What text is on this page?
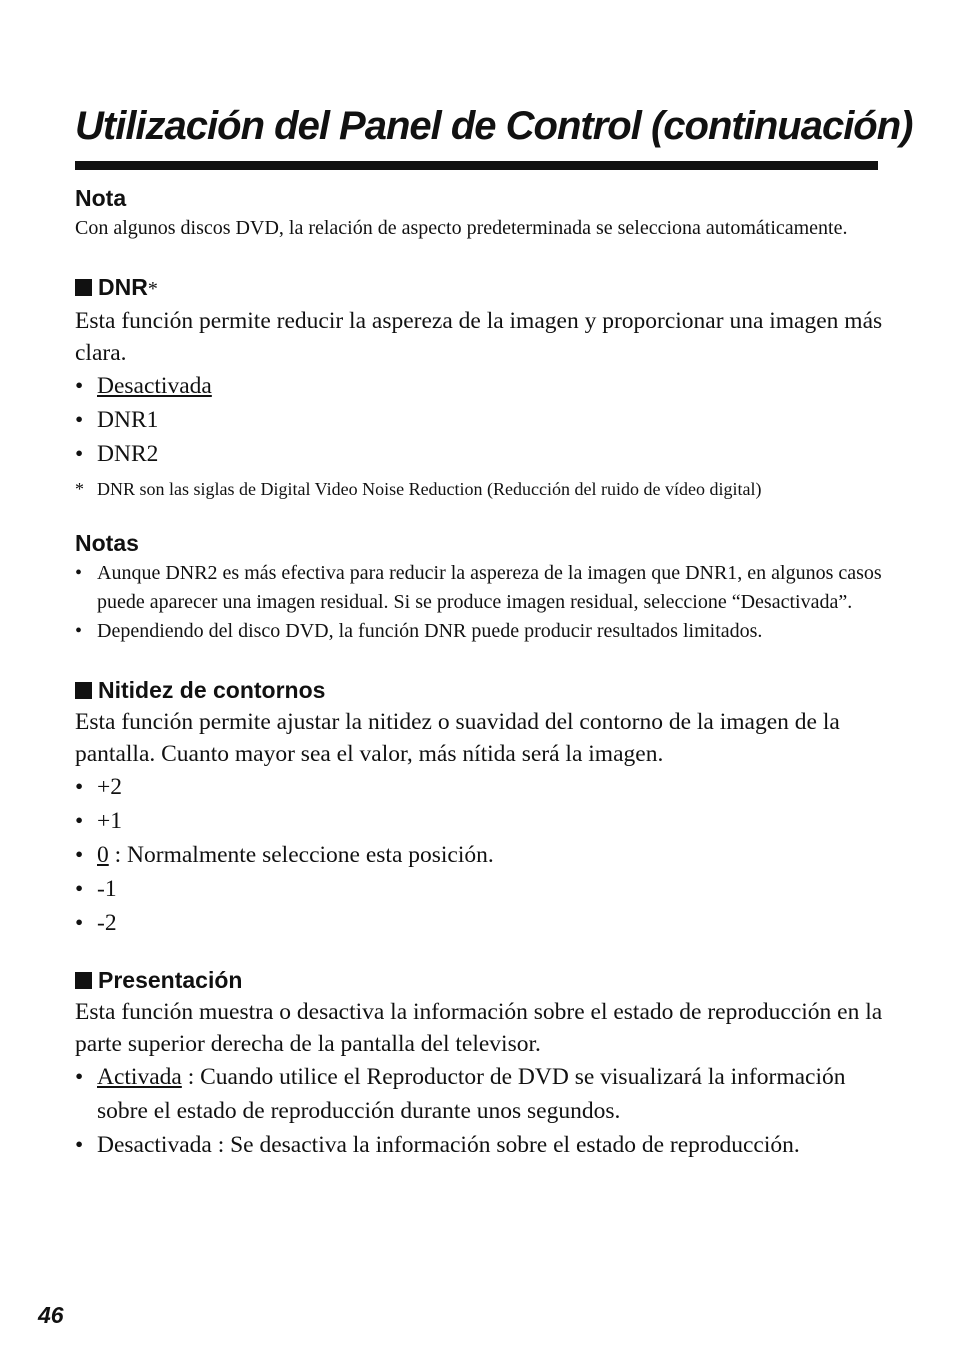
Utilización del Panel de Control (continuación)
Nota

Con algunos discos DVD, la relación de aspecto predeterminada se selecciona automáticamente.

DNR*

Esta función permite reducir la aspereza de la imagen y proporcionar una imagen más clara.

• Desactivada
• DNR1
• DNR2

* DNR son las siglas de Digital Video Noise Reduction (Reducción del ruido de vídeo digital)

Notas
• Aunque DNR2 es más efectiva para reducir la aspereza de la imagen que DNR1, en algunos casos puede aparecer una imagen residual. Si se produce imagen residual, seleccione “Desactivada”.
• Dependiendo del disco DVD, la función DNR puede producir resultados limitados.
Nitidez de contornos

Esta función permite ajustar la nitidez o suavidad del contorno de la imagen de la pantalla. Cuanto mayor sea el valor, más nítida será la imagen.

• +2
• +1
• 0 : Normalmente seleccione esta posición.
• -1
• -2
Presentación

Esta función muestra o desactiva la información sobre el estado de reproducción en la parte superior derecha de la pantalla del televisor.

• Activada : Cuando utilice el Reproductor de DVD se visualizará la información sobre el estado de reproducción durante unos segundos.
• Desactivada : Se desactiva la información sobre el estado de reproducción.
46
